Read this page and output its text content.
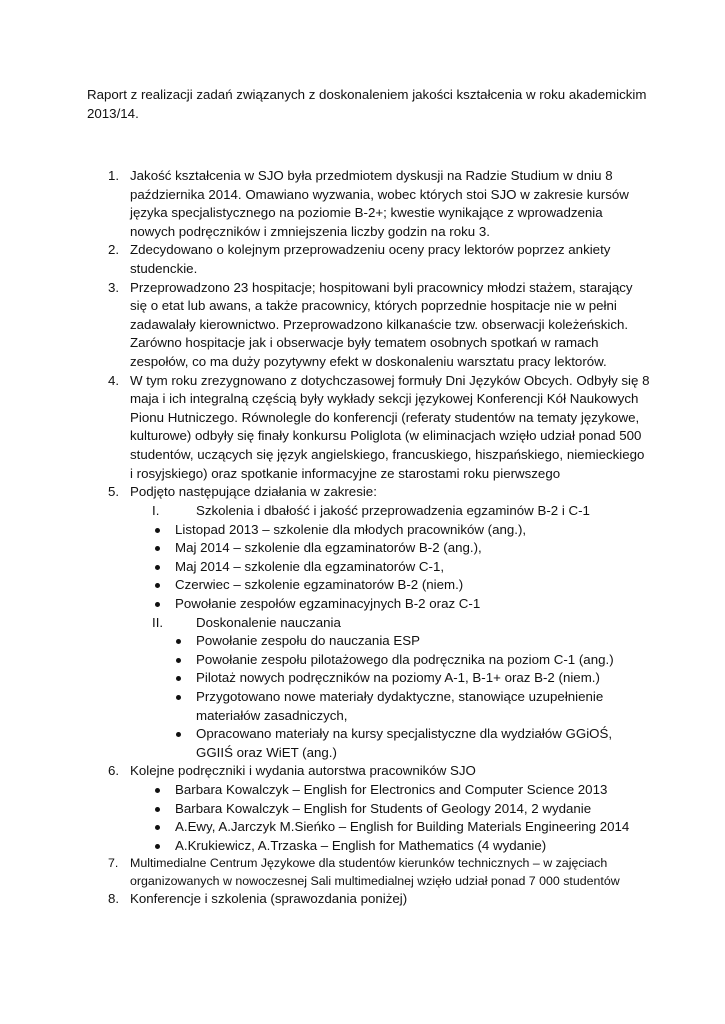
Raport z realizacji zadań związanych z doskonaleniem jakości kształcenia w roku akademickim 2013/14.
1. Jakość kształcenia w SJO była przedmiotem dyskusji na Radzie Studium w dniu 8 października 2014. Omawiano wyzwania, wobec których stoi SJO w zakresie kursów języka specjalistycznego na poziomie B-2+; kwestie wynikające z wprowadzenia nowych podręczników i zmniejszenia liczby godzin na roku 3.
2. Zdecydowano o kolejnym przeprowadzeniu oceny pracy lektorów poprzez ankiety studenckie.
3. Przeprowadzono 23 hospitacje; hospitowani byli pracownicy młodzi stażem, starający się o etat lub awans, a także pracownicy, których poprzednie hospitacje nie w pełni zadawalały kierownictwo. Przeprowadzono kilkanaście tzw. obserwacji koleżeńskich. Zarówno hospitacje jak i obserwacje były tematem osobnych spotkań w ramach zespołów, co ma duży pozytywny efekt w doskonaleniu warsztatu pracy lektorów.
4. W tym roku zrezygnowano z dotychczasowej formuły Dni Języków Obcych. Odbyły się 8 maja i ich integralną częścią były wykłady sekcji językowej Konferencji Kół Naukowych Pionu Hutniczego. Równolegle do konferencji (referaty studentów na tematy językowe, kulturowe) odbyły się finały konkursu Poliglota (w eliminacjach wzięło udział ponad 500 studentów, uczących się język angielskiego, francuskiego, hiszpańskiego, niemieckiego i rosyjskiego) oraz spotkanie informacyjne ze starostami roku pierwszego
5. Podjęto następujące działania w zakresie:
I.	Szkolenia i dbałość i jakość przeprowadzenia egzaminów B-2 i C-1
Listopad 2013 – szkolenie dla młodych pracowników (ang.),
Maj 2014 – szkolenie dla egzaminatorów B-2 (ang.),
Maj 2014 – szkolenie dla egzaminatorów C-1,
Czerwiec – szkolenie egzaminatorów B-2 (niem.)
Powołanie zespołów egzaminacyjnych B-2 oraz C-1
II. Doskonalenie nauczania
Powołanie zespołu do nauczania ESP
Powołanie zespołu pilotażowego dla podręcznika na poziom C-1 (ang.)
Pilotaż nowych podręczników na poziomy A-1, B-1+ oraz B-2 (niem.)
Przygotowano nowe materiały dydaktyczne, stanowiące uzupełnienie materiałów zasadniczych,
Opracowano materiały na kursy specjalistyczne dla wydziałów GGiOŚ, GGIIŚ oraz WiET (ang.)
6. Kolejne podręczniki i wydania autorstwa pracowników SJO
Barbara Kowalczyk – English for Electronics and Computer Science 2013
Barbara Kowalczyk – English for Students of Geology 2014, 2 wydanie
A.Ewy, A.Jarczyk M.Sieńko – English for Building Materials Engineering 2014
A.Krukiewicz, A.Trzaska – English for Mathematics (4 wydanie)
7. Multimedialne Centrum Językowe dla studentów kierunków technicznych – w zajęciach organizowanych w nowoczesnej Sali multimedialnej wzięło udział ponad 7 000 studentów
8. Konferencje i szkolenia (sprawozdania poniżej)
